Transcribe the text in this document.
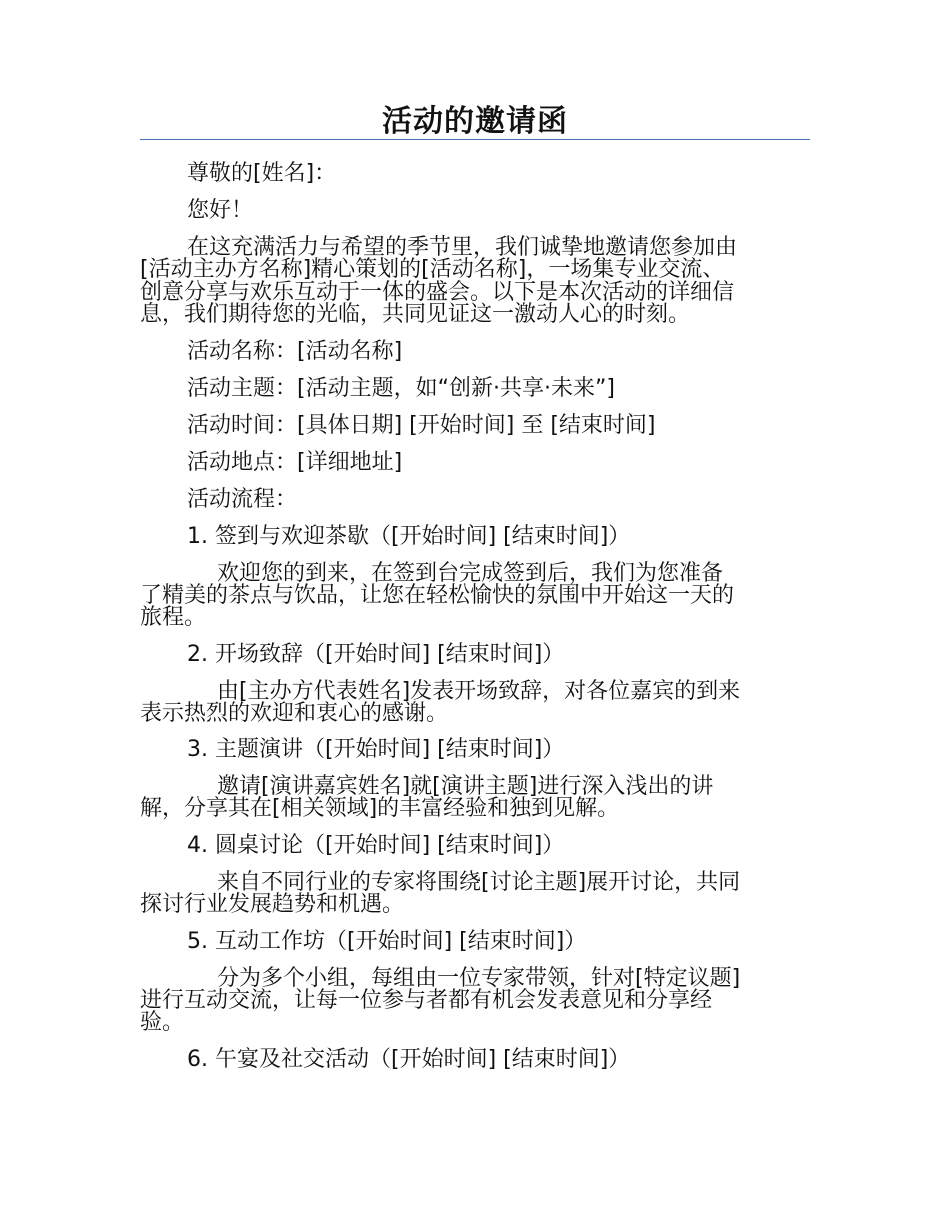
活动的邀请函
尊敬的[姓名]：
您好！
在这充满活力与希望的季节里，我们诚挚地邀请您参加由
[活动主办方名称]精心策划的[活动名称]，一场集专业交流、
创意分享与欢乐互动于一体的盛会。以下是本次活动的详细信
息，我们期待您的光临，共同见证这一激动人心的时刻。
活动名称：[活动名称]
活动主题：[活动主题，如“创新·共享·未来”]
活动时间：[具体日期] [开始时间] 至 [结束时间]
活动地点：[详细地址]
活动流程：
1. 签到与欢迎茶歇（[开始时间] [结束时间]）
欢迎您的到来，在签到台完成签到后，我们为您准备
了精美的茶点与饮品，让您在轻松愉快的氛围中开始这一天的
旅程。
2. 开场致辞（[开始时间] [结束时间]）
由[主办方代表姓名]发表开场致辞，对各位嘉宾的到来
表示热烈的欢迎和衷心的感谢。
3. 主题演讲（[开始时间] [结束时间]）
邀请[演讲嘉宾姓名]就[演讲主题]进行深入浅出的讲
解，分享其在[相关领域]的丰富经验和独到见解。
4. 圆桌讨论（[开始时间] [结束时间]）
来自不同行业的专家将围绕[讨论主题]展开讨论，共同
探讨行业发展趋势和机遇。
5. 互动工作坊（[开始时间] [结束时间]）
分为多个小组，每组由一位专家带领，针对[特定议题]
进行互动交流，让每一位参与者都有机会发表意见和分享经
验。
6. 午宴及社交活动（[开始时间] [结束时间]）
